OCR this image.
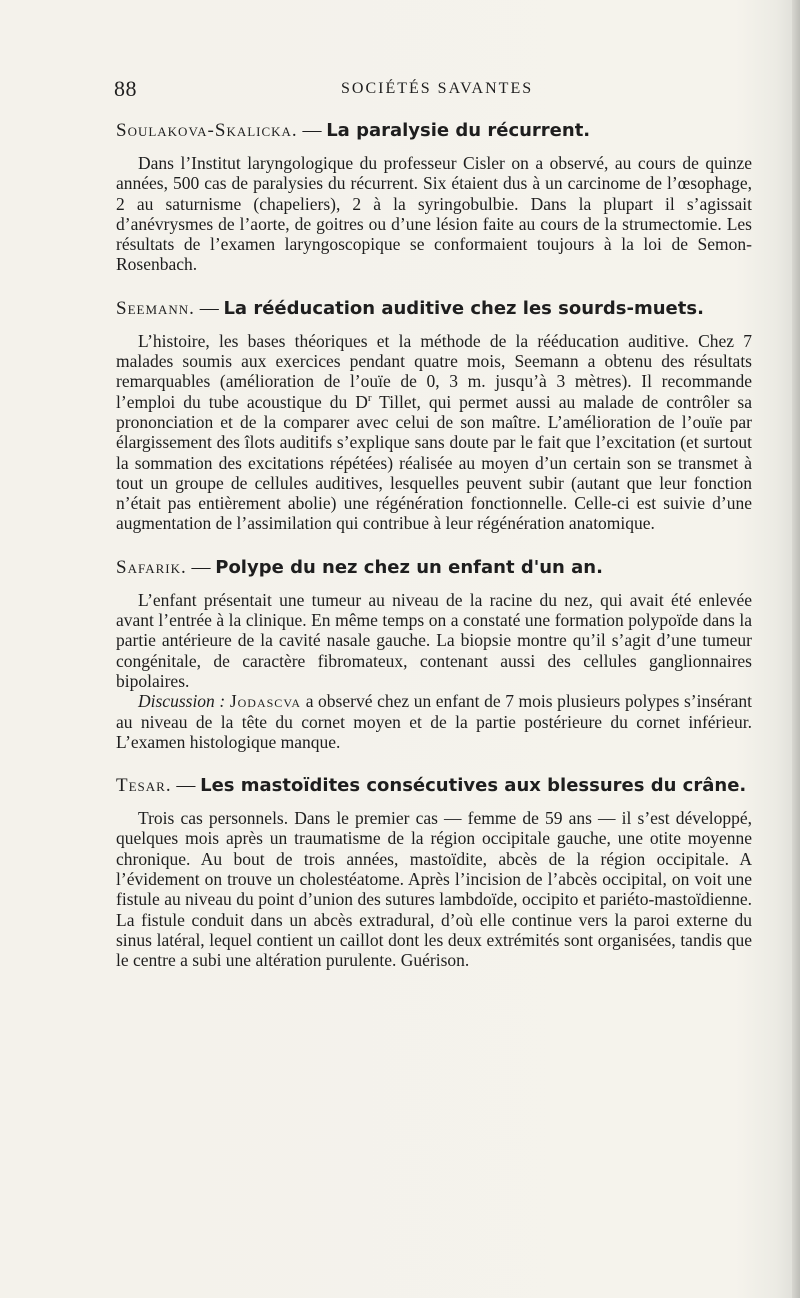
88	SOCIÉTÉS SAVANTES
Soulakova-Skalicka. — La paralysie du récurrent.

Dans l’Institut laryngologique du professeur Cisler on a observé, au cours de quinze années, 500 cas de paralysies du récurrent. Six étaient dus à un carcinome de l’œsophage, 2 au saturnisme (chapeliers), 2 à la syringobulbie. Dans la plupart il s’agissait d’anévrysmes de l’aorte, de goitres ou d’une lésion faite au cours de la strumectomie. Les résultats de l’examen laryngoscopique se conformaient toujours à la loi de Semon-Rosenbach.

Seemann. — La rééducation auditive chez les sourds-muets.

L’histoire, les bases théoriques et la méthode de la rééducation auditive. Chez 7 malades soumis aux exercices pendant quatre mois, Seemann a obtenu des résultats remarquables (amélioration de l’ouïe de 0, 3 m. jusqu’à 3 mètres). Il recommande l’emploi du tube acoustique du $D^r$ Tillet, qui permet aussi au malade de contrôler sa prononciation et de la comparer avec celui de son maître. L’amélioration de l’ouïe par élargissement des îlots auditifs s’explique sans doute par le fait que l’excitation (et surtout la sommation des excitations répétées) réalisée au moyen d’un certain son se transmet à tout un groupe de cellules auditives, lesquelles peuvent subir (autant que leur fonction n’était pas entièrement abolie) une régénération fonctionnelle. Celle-ci est suivie d’une augmentation de l’assimilation qui contribue à leur régénération anatomique.

Safarik. — Polype du nez chez un enfant d'un an.

L’enfant présentait une tumeur au niveau de la racine du nez, qui avait été enlevée avant l’entrée à la clinique. En même temps on a constaté une formation polypoïde dans la partie antérieure de la cavité nasale gauche. La biopsie montre qu’il s’agit d’une tumeur congénitale, de caractère fibromateux, contenant aussi des cellules ganglionnaires bipolaires.

Discussion : Jodascva a observé chez un enfant de 7 mois plusieurs polypes s’insérant au niveau de la tête du cornet moyen et de la partie postérieure du cornet inférieur. L’examen histologique manque.

Tesar. — Les mastoïdites consécutives aux blessures du crâne.

Trois cas personnels. Dans le premier cas — femme de 59 ans — il s’est développé, quelques mois après un traumatisme de la région occipitale gauche, une otite moyenne chronique. Au bout de trois années, mastoïdite, abcès de la région occipitale. A l’évidement on trouve un cholestéatome. Après l’incision de l’abcès occipital, on voit une fistule au niveau du point d’union des sutures lambdoïde, occipito et pariéto-mastoïdienne. La fistule conduit dans un abcès extradural, d’où elle continue vers la paroi externe du sinus latéral, lequel contient un caillot dont les deux extrémités sont organisées, tandis que le centre a subi une altération purulente. Guérison.
